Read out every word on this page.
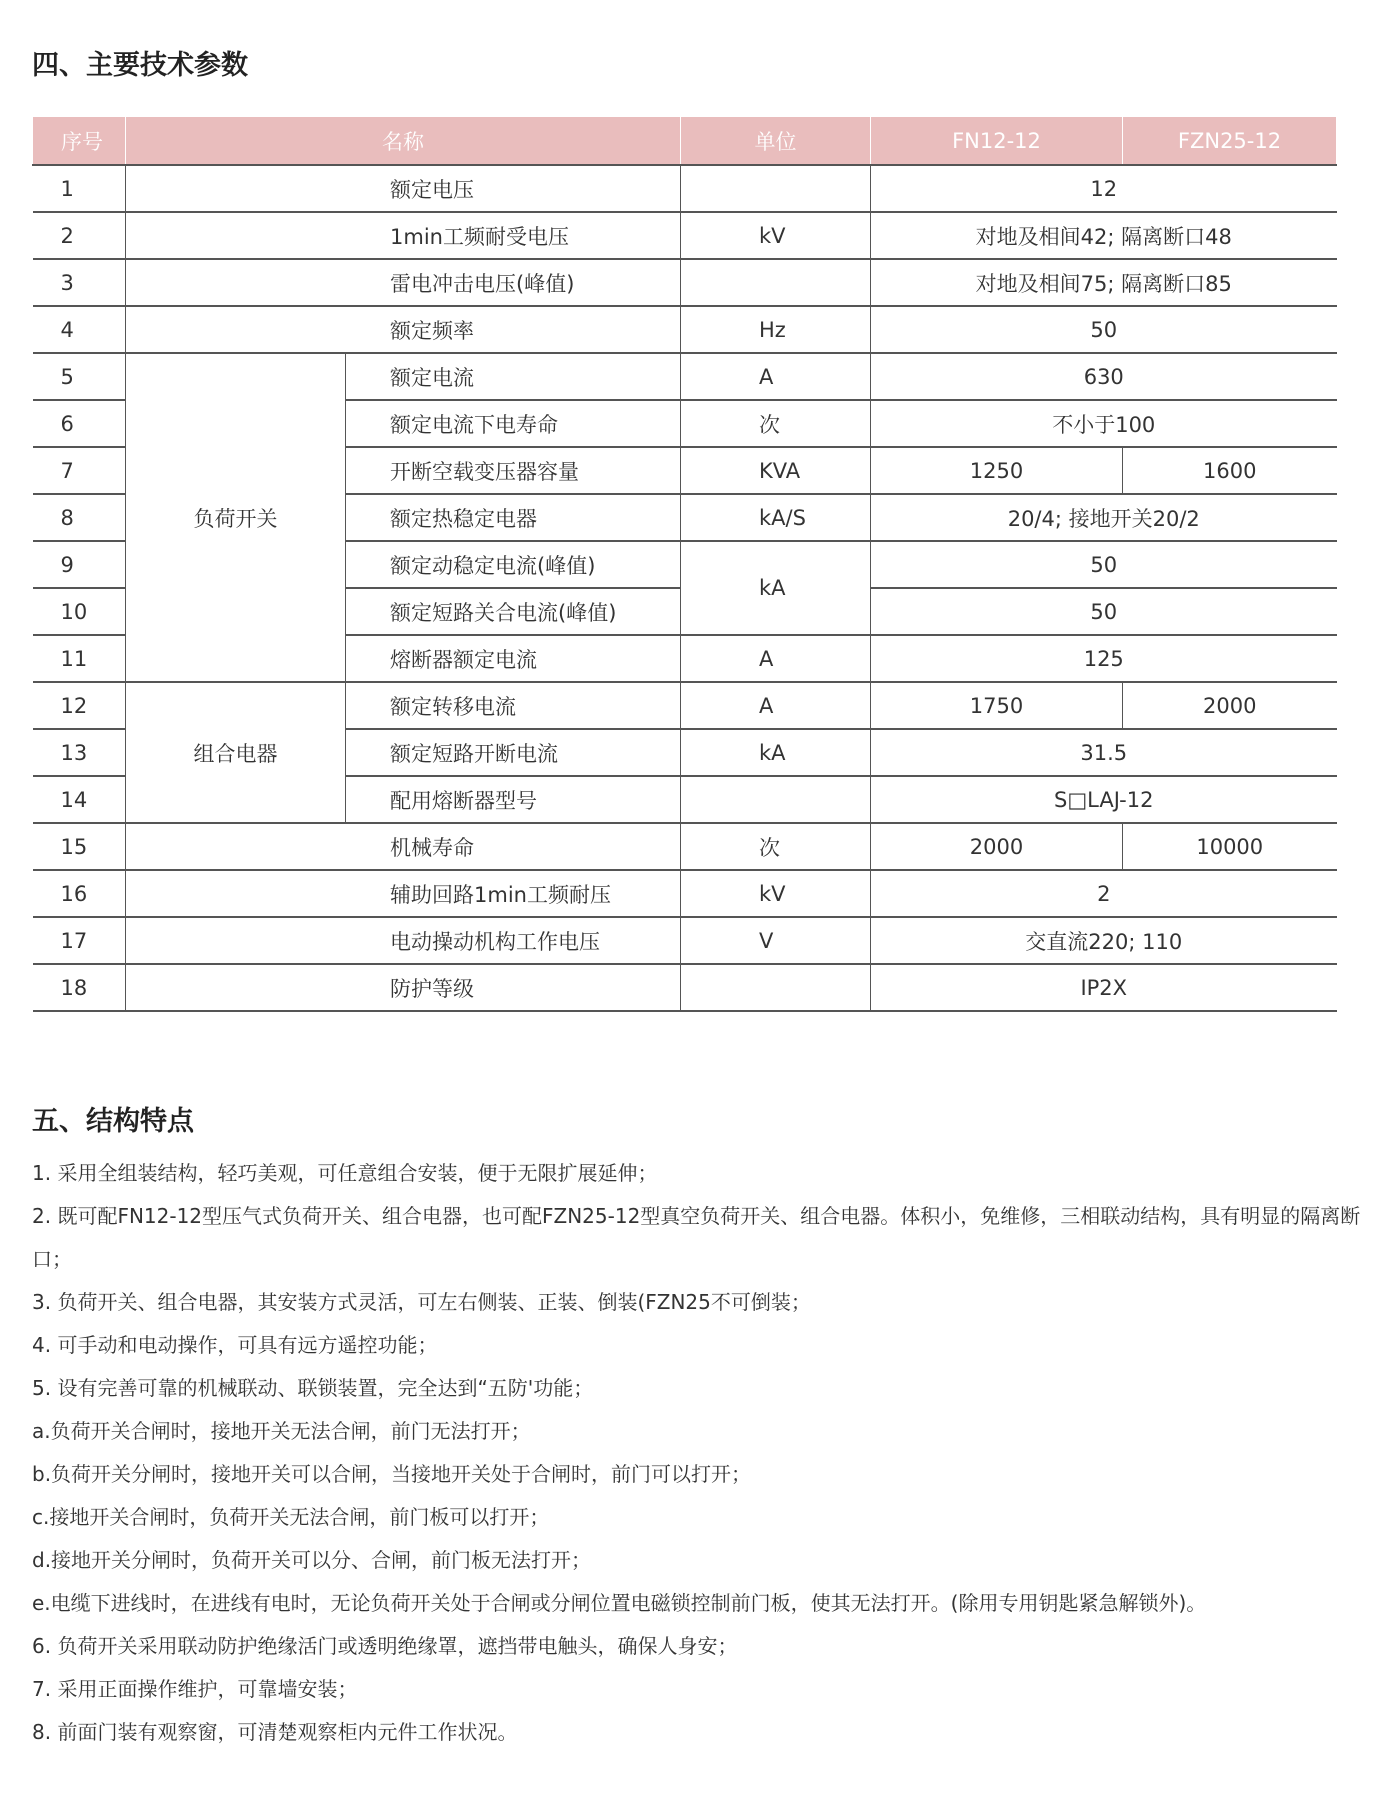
四、主要技术参数
序号	名称		单位	FN12-12	FZN25-12
1	额定电压			12	
2	1min工频耐受电压		kV	对地及相间42; 隔离断口48	
3	雷电冲击电压(峰值)			对地及相间75; 隔离断口85	
4	额定频率		Hz	50	
5	负荷开关	额定电流	A	630	
6		额定电流下电寿命	次	不小于100	
7		开断空载变压器容量	KVA	1250	1600
8		额定热稳定电器	kA/S	20/4; 接地开关20/2	
9		额定动稳定电流(峰值)	kA	50	
10		额定短路关合电流(峰值)		50	
11		熔断器额定电流	A	125	
12	组合电器	额定转移电流	A	1750	2000
13		额定短路开断电流	kA	31.5	
14		配用熔断器型号		S□LAJ-12	
15	机械寿命		次	2000	10000
16	辅助回路1min工频耐压		kV	2	
17	电动操动机构工作电压		V	交直流220; 110	
18	防护等级			IP2X	
五、结构特点

1. 采用全组装结构，轻巧美观，可任意组合安装，便于无限扩展延伸；

2. 既可配FN12-12型压气式负荷开关、组合电器，也可配FZN25-12型真空负荷开关、组合电器。体积小，免维修，三相联动结构，具有明显的隔离断口；

3. 负荷开关、组合电器，其安装方式灵活，可左右侧装、正装、倒装(FZN25不可倒装；

4. 可手动和电动操作，可具有远方遥控功能；

5. 设有完善可靠的机械联动、联锁装置，完全达到“五防'功能；

a.负荷开关合闸时，接地开关无法合闸，前门无法打开；

b.负荷开关分闸时，接地开关可以合闸，当接地开关处于合闸时，前门可以打开；

c.接地开关合闸时，负荷开关无法合闸，前门板可以打开；

d.接地开关分闸时，负荷开关可以分、合闸，前门板无法打开；

e.电缆下进线时，在进线有电时，无论负荷开关处于合闸或分闸位置电磁锁控制前门板，使其无法打开。(除用专用钥匙紧急解锁外)。

6. 负荷开关采用联动防护绝缘活门或透明绝缘罩，遮挡带电触头，确保人身安；

7. 采用正面操作维护，可靠墙安装；

8. 前面门装有观察窗，可清楚观察柜内元件工作状况。
